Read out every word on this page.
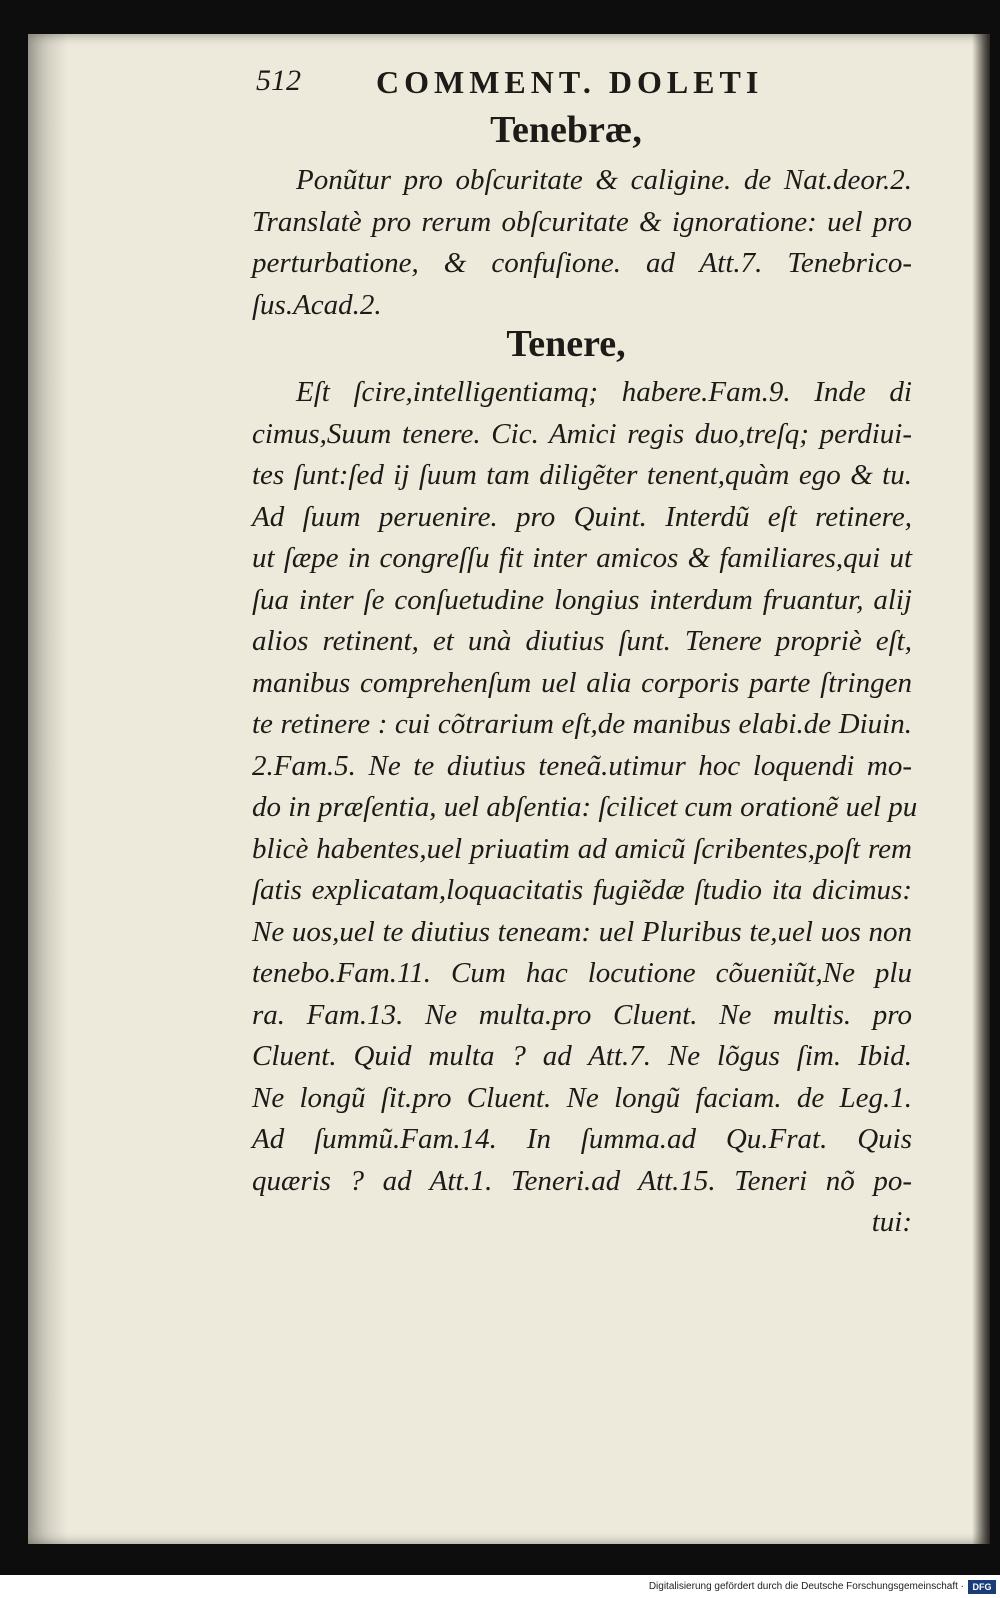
512 COMMENT. DOLETI
Tenebræ,
Ponũtur pro obſcuritate & caligine. de Nat.deor.2.
Translatè pro rerum obſcuritate & ignoratione: uel pro
perturbatione, & confuſione. ad Att.7. Tenebrico-
ſus.Acad.2.
Tenere,
Eſt ſcire,intelligentiamq; habere.Fam.9. Inde di
cimus,Suum tenere. Cic. Amici regis duo,treſq; perdiui-
tes ſunt:ſed ij ſuum tam diligẽter tenent,quàm ego & tu.
Ad ſuum peruenire. pro Quint. Interdũ eſt retinere,
ut ſæpe in congreſſu fit inter amicos & familiares,qui ut
ſua inter ſe conſuetudine longius interdum fruantur, alij
alios retinent, et unà diutius ſunt. Tenere propriè eſt,
manibus comprehenſum uel alia corporis parte ſtringen
te retinere : cui cõtrarium eſt,de manibus elabi.de Diuin.
2.Fam.5. Ne te diutius teneã.utimur hoc loquendi mo-
do in præſentia, uel abſentia: ſcilicet cum orationẽ uel pu
blicè habentes,uel priuatim ad amicũ ſcribentes,poſt rem
ſatis explicatam,loquacitatis fugiẽdæ ſtudio ita dicimus:
Ne uos,uel te diutius teneam: uel Pluribus te,uel uos non
tenebo.Fam.11. Cum hac locutione cõueniũt,Ne plu
ra. Fam.13. Ne multa.pro Cluent. Ne multis. pro
Cluent. Quid multa ? ad Att.7. Ne lõgus ſim. Ibid.
Ne longũ ſit.pro Cluent. Ne longũ faciam. de Leg.1.
Ad ſummũ.Fam.14. In ſumma.ad Qu.Frat. Quis
quæris ? ad Att.1. Teneri.ad Att.15. Teneri nõ po-
tui:
Digitalisierung gefördert durch die Deutsche Forschungsgemeinschaft · DFG
